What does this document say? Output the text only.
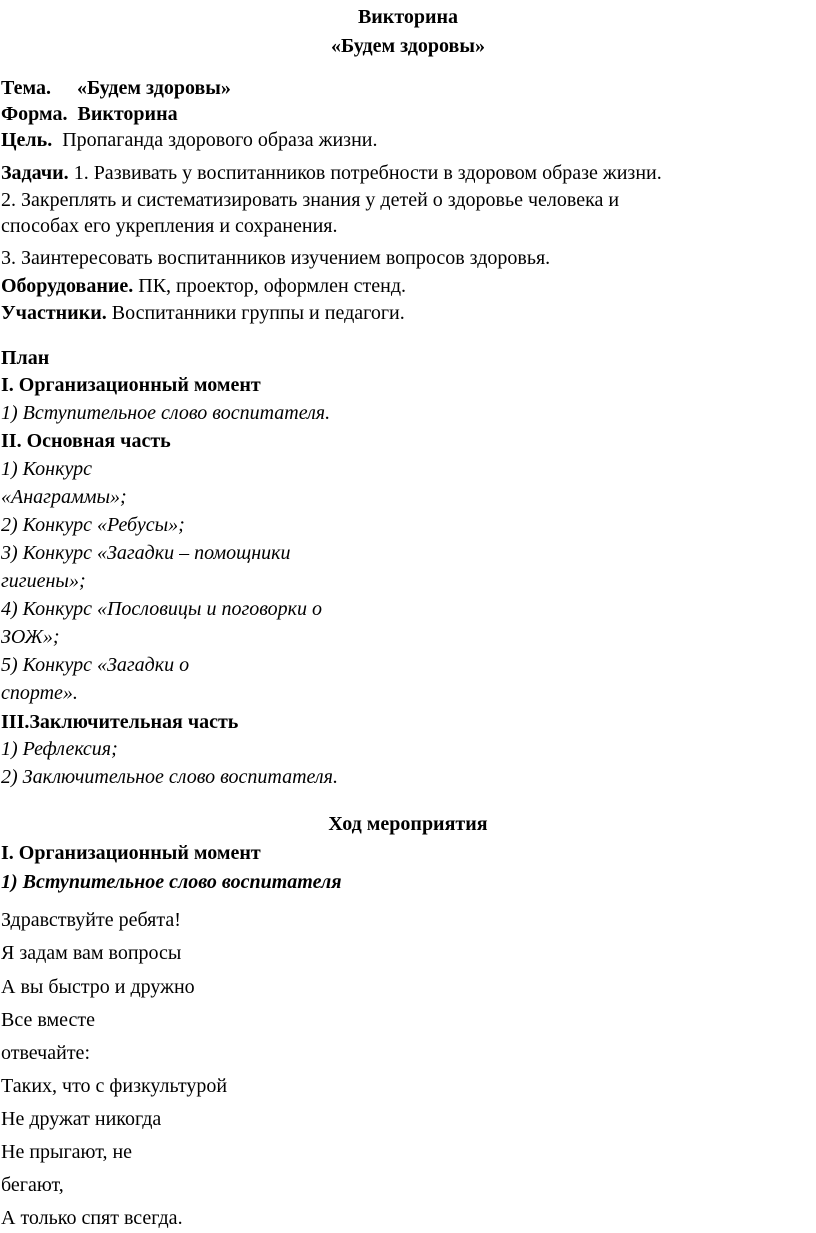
Викторина
«Будем здоровы»
Тема. «Будем здоровы»
Форма. Викторина
Цель. Пропаганда здорового образа жизни.
Задачи. 1. Развивать у воспитанников потребности в здоровом образе жизни.
2. Закреплять и систематизировать знания у детей о здоровье человека и
способах его укрепления и сохранения.
3. Заинтересовать воспитанников изучением вопросов здоровья.
Оборудование. ПК, проектор, оформлен стенд.
Участники. Воспитанники группы и педагоги.
План
I. Организационный момент
1) Вступительное слово воспитателя.
II. Основная часть
1) Конкурс
«Анаграммы»;
2) Конкурс «Ребусы»;
3) Конкурс «Загадки – помощники
гигиены»;
4) Конкурс «Пословицы и поговорки о
ЗОЖ»;
5) Конкурс «Загадки о
спорте».
III.Заключительная часть
1) Рефлексия;
2) Заключительное слово воспитателя.
Ход мероприятия
I. Организационный момент
1) Вступительное слово воспитателя
Здравствуйте ребята!
Я задам вам вопросы
А вы быстро и дружно
Все вместе
отвечайте:
Таких, что с физкультурой
Не дружат никогда
Не прыгают, не
бегают,
А только спят всегда.
